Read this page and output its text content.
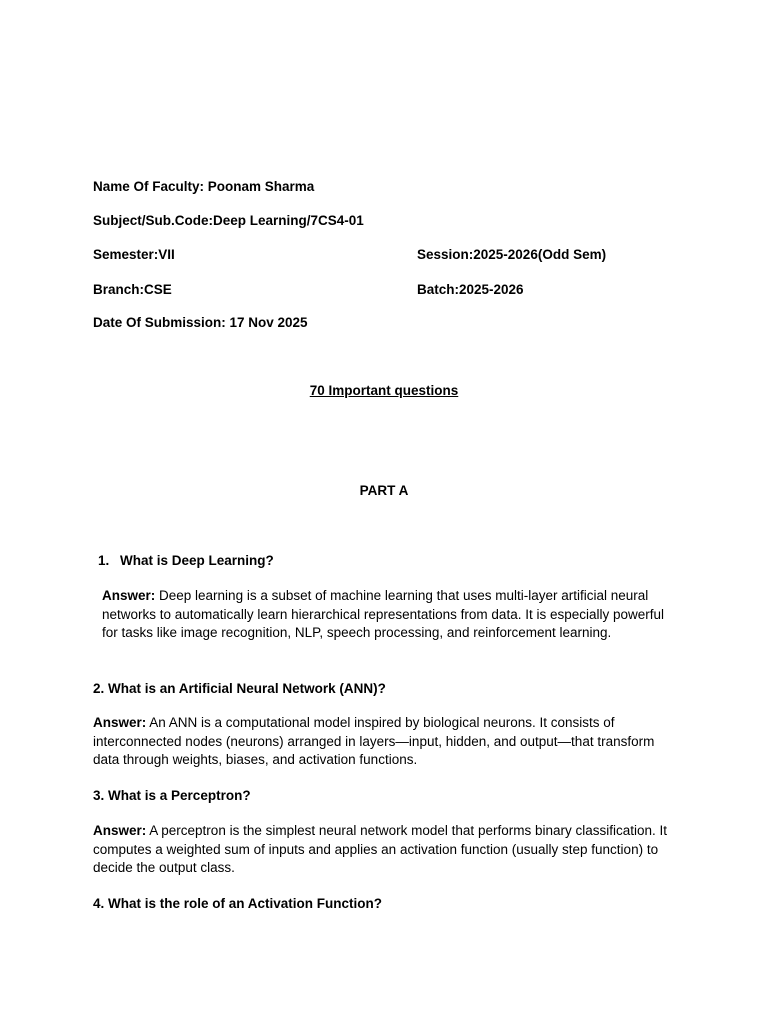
Name Of Faculty: Poonam Sharma
Subject/Sub.Code:Deep Learning/7CS4-01
Semester:VII	Session:2025-2026(Odd Sem)
Branch:CSE	Batch:2025-2026
Date Of Submission: 17 Nov 2025
70 Important questions
PART A
1. What is Deep Learning?
Answer: Deep learning is a subset of machine learning that uses multi-layer artificial neural networks to automatically learn hierarchical representations from data. It is especially powerful for tasks like image recognition, NLP, speech processing, and reinforcement learning.
2. What is an Artificial Neural Network (ANN)?
Answer: An ANN is a computational model inspired by biological neurons. It consists of interconnected nodes (neurons) arranged in layers—input, hidden, and output—that transform data through weights, biases, and activation functions.
3. What is a Perceptron?
Answer: A perceptron is the simplest neural network model that performs binary classification. It computes a weighted sum of inputs and applies an activation function (usually step function) to decide the output class.
4. What is the role of an Activation Function?
